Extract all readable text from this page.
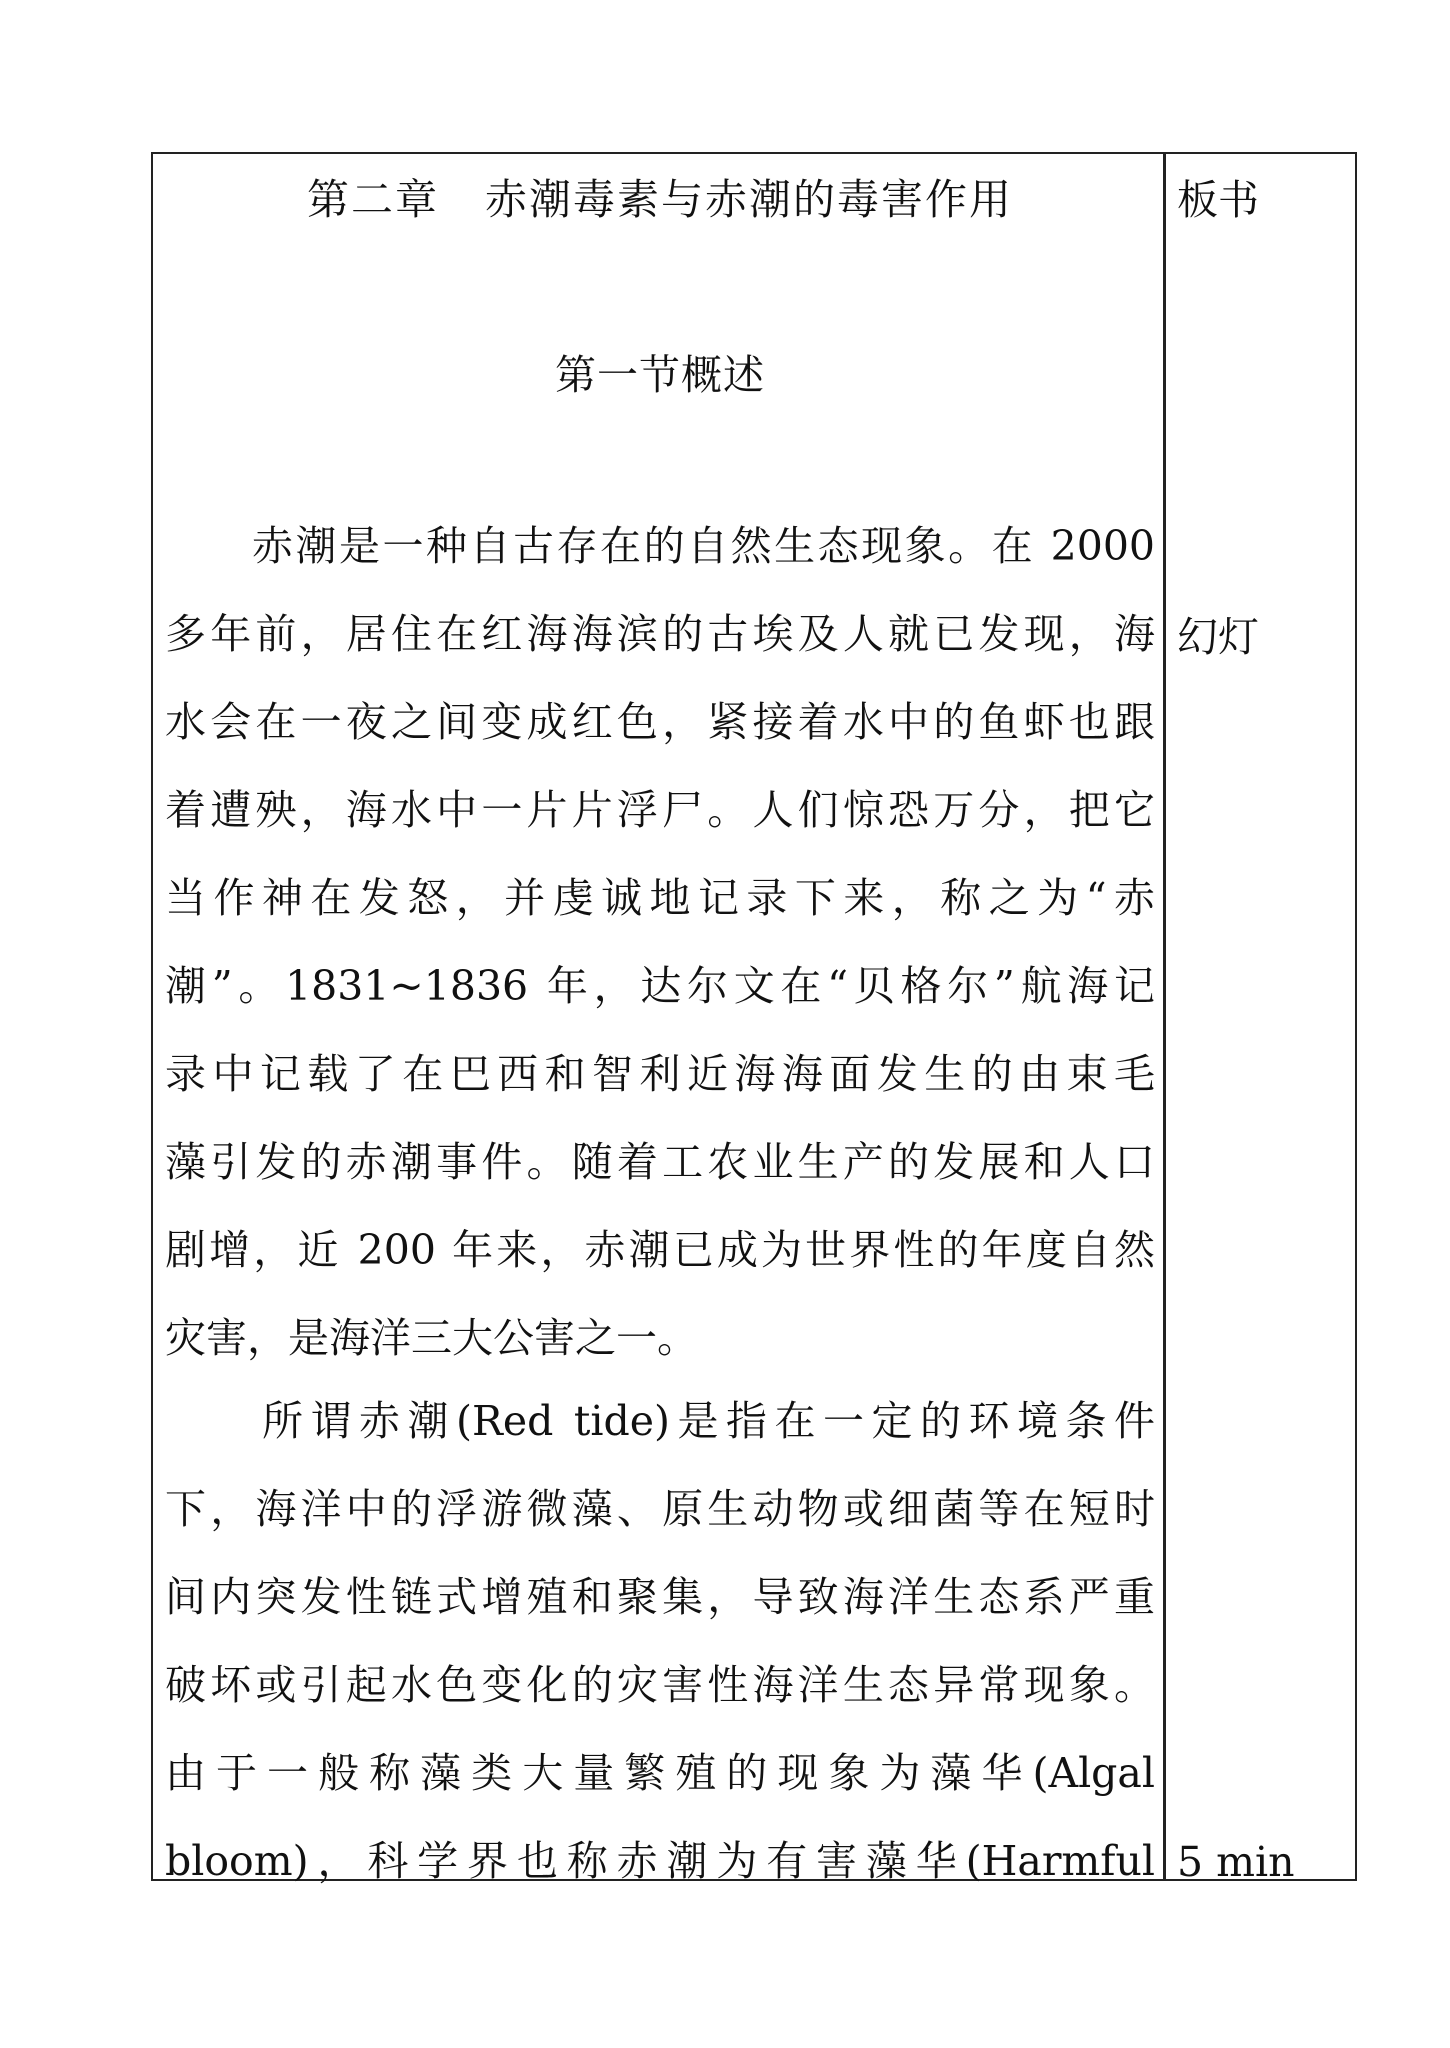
第二章   赤潮毒素与赤潮的毒害作用
第一节概述
　　赤潮是一种自古存在的自然生态现象。在 2000
多年前，居住在红海海滨的古埃及人就已发现，海
水会在一夜之间变成红色，紧接着水中的鱼虾也跟
着遭殃，海水中一片片浮尸。人们惊恐万分，把它
当作神在发怒，并虔诚地记录下来，称之为“赤
潮”。1831~1836 年，达尔文在“贝格尔”航海记
录中记载了在巴西和智利近海海面发生的由束毛
藻引发的赤潮事件。随着工农业生产的发展和人口
剧增，近 200 年来，赤潮已成为世界性的年度自然
灾害，是海洋三大公害之一。
　　所谓赤潮(Red tide)是指在一定的环境条件
下，海洋中的浮游微藻、原生动物或细菌等在短时
间内突发性链式增殖和聚集，导致海洋生态系严重
破坏或引起水色变化的灾害性海洋生态异常现象。
由于一般称藻类大量繁殖的现象为藻华(Algal
bloom)，科学界也称赤潮为有害藻华(Harmful
板书
幻灯
5 min
